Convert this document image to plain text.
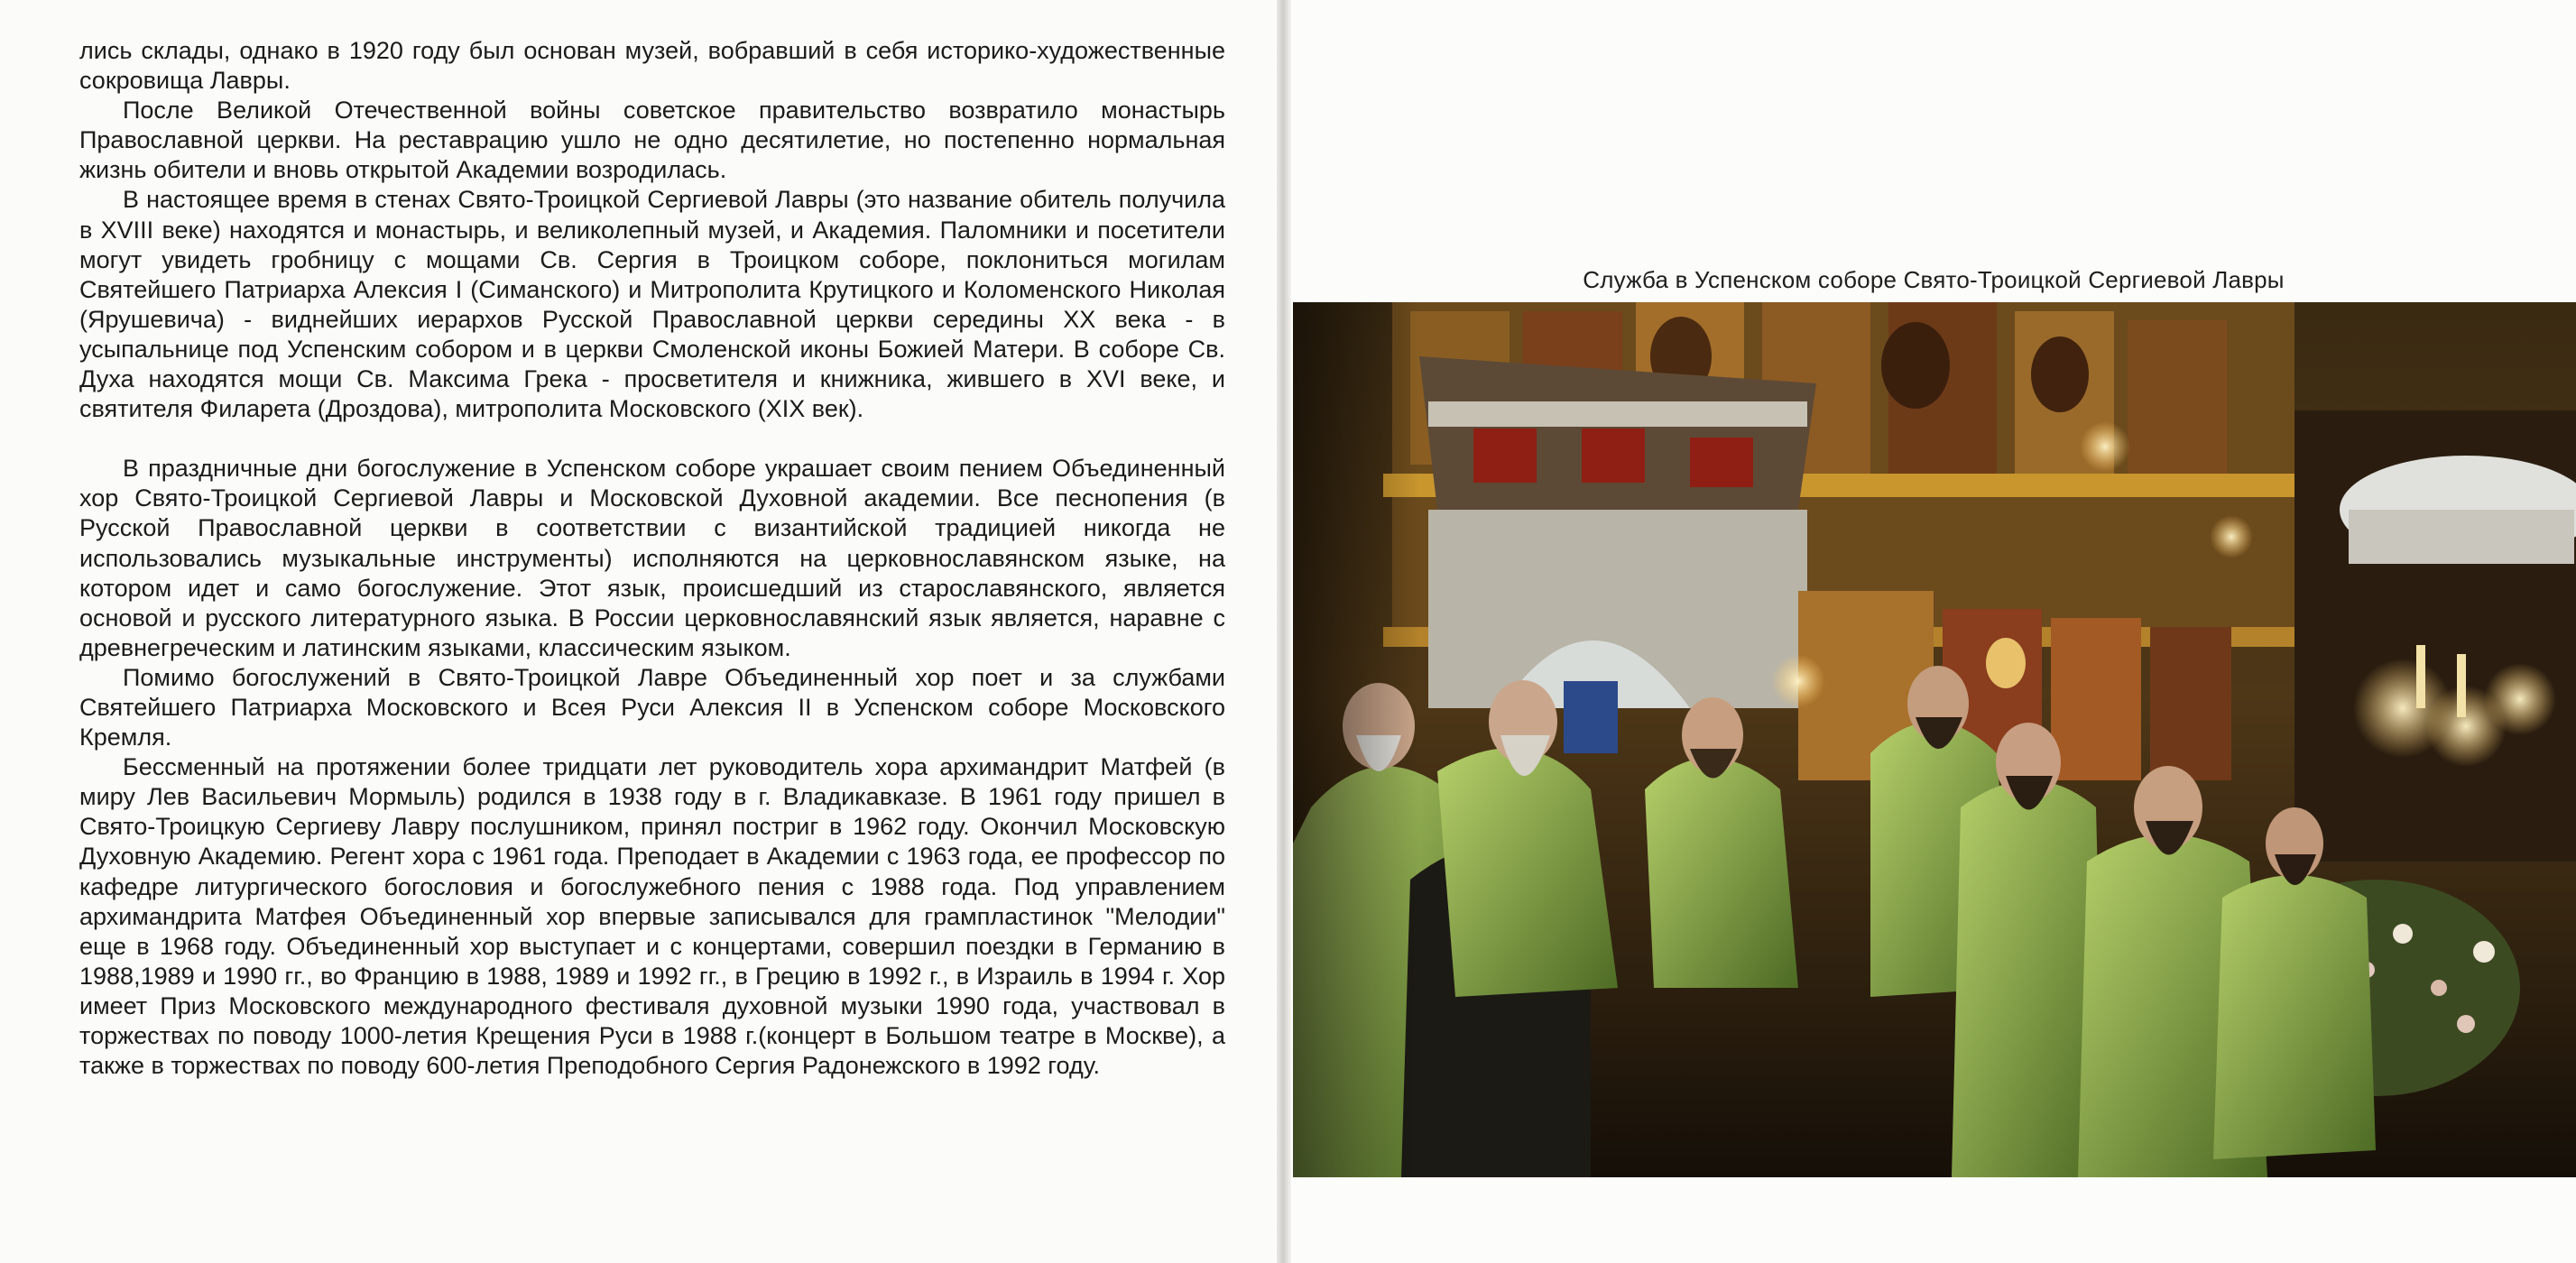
лись склады, однако в 1920 году был основан музей, вобравший в себя историко-художественные сокровища Лавры.

После Великой Отечественной войны советское правительство возвратило монастырь Православной церкви. На реставрацию ушло не одно десятилетие, но постепенно нормальная жизнь обители и вновь открытой Академии возродилась.

В настоящее время в стенах Свято-Троицкой Сергиевой Лавры (это название обитель получила в XVIII веке) находятся и монастырь, и великолепный музей, и Академия. Паломники и посетители могут увидеть гробницу с мощами Св. Сергия в Троицком соборе, поклониться могилам Святейшего Патриарха Алексия I (Симанского) и Митрополита Крутицкого и Коломенского Николая (Ярушевича) - виднейших иерархов Русской Православной церкви середины XX века - в усыпальнице под Успенским собором и в церкви Смоленской иконы Божией Матери. В соборе Св. Духа находятся мощи Св. Максима Грека - просветителя и книжника, жившего в XVI веке, и святителя Филарета (Дроздова), митрополита Московского (XIX век).

В праздничные дни богослужение в Успенском соборе украшает своим пением Объединенный хор Свято-Троицкой Сергиевой Лавры и Московской Духовной академии. Все песнопения (в Русской Православной церкви в соответствии с византийской традицией никогда не использовались музыкальные инструменты) исполняются на церковнославянском языке, на котором идет и само богослужение. Этот язык, происшедший из старославянского, является основой и русского литературного языка. В России церковнославянский язык является, наравне с древнегреческим и латинским языками, классическим языком.

Помимо богослужений в Свято-Троицкой Лавре Объединенный хор поет и за службами Святейшего Патриарха Московского и Всея Руси Алексия II в Успенском соборе Московского Кремля.

Бессменный на протяжении более тридцати лет руководитель хора архимандрит Матфей (в миру Лев Васильевич Мормыль) родился в 1938 году в г. Владикавказе. В 1961 году пришел в Свято-Троицкую Сергиеву Лавру послушником, принял постриг в 1962 году. Окончил Московскую Духовную Академию. Регент хора с 1961 года. Преподает в Академии с 1963 года, ее профессор по кафедре литургического богословия и богослужебного пения с 1988 года. Под управлением архимандрита Матфея Объединенный хор впервые записывался для грампластинок "Мелодии" еще в 1968 году. Объединенный хор выступает и с концертами, совершил поездки в Германию в 1988,1989 и 1990 гг., во Францию в 1988, 1989 и 1992 гг., в Грецию в 1992 г., в Израиль в 1994 г. Хор имеет Приз Московского международного фестиваля духовной музыки 1990 года, участвовал в торжествах по поводу 1000-летия Крещения Руси в 1988 г.(концерт в Большом театре в Москве), а также в торжествах по поводу 600-летия Преподобного Сергия Радонежского в 1992 году.

Служба в Успенском соборе Свято-Троицкой Сергиевой Лавры
